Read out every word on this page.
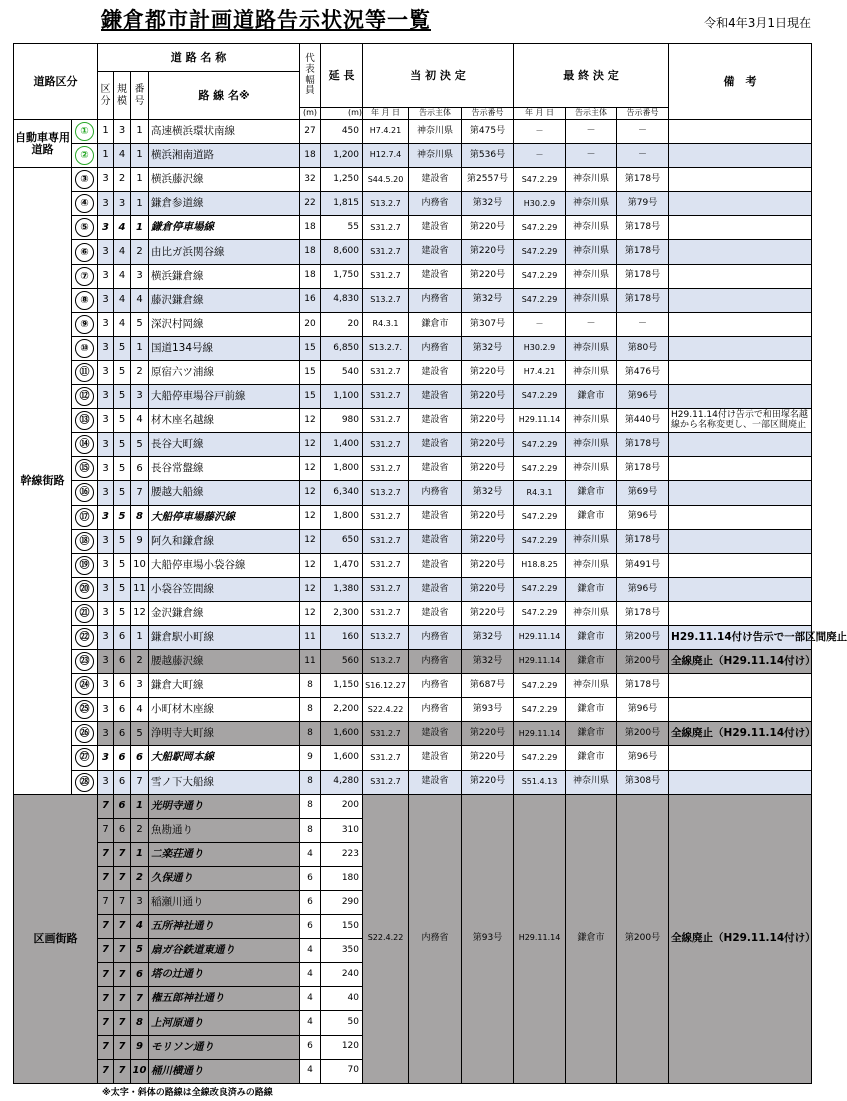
鎌倉都市計画道路告示状況等一覧	令和4年3月1日現在
道路区分		道 路 名 称				代表幅員	延 長	当 初 決 定			最 終 決 定			備　考
		区分	規模	番号	路 線 名※									
						(m)	(m)	年 月 日	告示主体	告示番号	年 月 日	告示主体	告示番号	
自動車専用道路	①	1	3	1	高速横浜環状南線	27	450	H7.4.21	神奈川県	第475号	－	－	－	
	②	1	4	1	横浜湘南道路	18	1,200	H12.7.4	神奈川県	第536号	－	－	－	
幹線街路	③	3	2	1	横浜藤沢線	32	1,250	S44.5.20	建設省	第2557号	S47.2.29	神奈川県	第178号	
	④	3	3	1	鎌倉参道線	22	1,815	S13.2.7	内務省	第32号	H30.2.9	神奈川県	第79号	
	⑤	3	4	1	鎌倉停車場線	18	55	S31.2.7	建設省	第220号	S47.2.29	神奈川県	第178号	
	⑥	3	4	2	由比ガ浜関谷線	18	8,600	S31.2.7	建設省	第220号	S47.2.29	神奈川県	第178号	
	⑦	3	4	3	横浜鎌倉線	18	1,750	S31.2.7	建設省	第220号	S47.2.29	神奈川県	第178号	
	⑧	3	4	4	藤沢鎌倉線	16	4,830	S13.2.7	内務省	第32号	S47.2.29	神奈川県	第178号	
	⑨	3	4	5	深沢村岡線	20	20	R4.3.1	鎌倉市	第307号	－	－	－	
	⑩	3	5	1	国道134号線	15	6,850	S13.2.7.	内務省	第32号	H30.2.9	神奈川県	第80号	
	⑪	3	5	2	原宿六ツ浦線	15	540	S31.2.7	建設省	第220号	H7.4.21	神奈川県	第476号	
	⑫	3	5	3	大船停車場谷戸前線	15	1,100	S31.2.7	建設省	第220号	S47.2.29	鎌倉市	第96号	
	⑬	3	5	4	材木座名越線	12	980	S31.2.7	建設省	第220号	H29.11.14	神奈川県	第440号	H29.11.14付け告示で和田塚名越線から名称変更し、一部区間廃止
	⑭	3	5	5	長谷大町線	12	1,400	S31.2.7	建設省	第220号	S47.2.29	神奈川県	第178号	
	⑮	3	5	6	長谷常盤線	12	1,800	S31.2.7	建設省	第220号	S47.2.29	神奈川県	第178号	
	⑯	3	5	7	腰越大船線	12	6,340	S13.2.7	内務省	第32号	R4.3.1	鎌倉市	第69号	
	⑰	3	5	8	大船停車場藤沢線	12	1,800	S31.2.7	建設省	第220号	S47.2.29	鎌倉市	第96号	
	⑱	3	5	9	阿久和鎌倉線	12	650	S31.2.7	建設省	第220号	S47.2.29	神奈川県	第178号	
	⑲	3	5	10	大船停車場小袋谷線	12	1,470	S31.2.7	建設省	第220号	H18.8.25	神奈川県	第491号	
	⑳	3	5	11	小袋谷笠間線	12	1,380	S31.2.7	建設省	第220号	S47.2.29	鎌倉市	第96号	
	㉑	3	5	12	金沢鎌倉線	12	2,300	S31.2.7	建設省	第220号	S47.2.29	神奈川県	第178号	
	㉒	3	6	1	鎌倉駅小町線	11	160	S13.2.7	内務省	第32号	H29.11.14	鎌倉市	第200号	H29.11.14付け告示で一部区間廃止
	㉓	3	6	2	腰越藤沢線	11	560	S13.2.7	内務省	第32号	H29.11.14	鎌倉市	第200号	全線廃止（H29.11.14付け）
	㉔	3	6	3	鎌倉大町線	8	1,150	S16.12.27	内務省	第687号	S47.2.29	神奈川県	第178号	
	㉕	3	6	4	小町材木座線	8	2,200	S22.4.22	内務省	第93号	S47.2.29	鎌倉市	第96号	
	㉖	3	6	5	浄明寺大町線	8	1,600	S31.2.7	建設省	第220号	H29.11.14	鎌倉市	第200号	全線廃止（H29.11.14付け）
	㉗	3	6	6	大船駅岡本線	9	1,600	S31.2.7	建設省	第220号	S47.2.29	鎌倉市	第96号	
	㉘	3	6	7	雪ノ下大船線	8	4,280	S31.2.7	建設省	第220号	S51.4.13	神奈川県	第308号	
区画街路		7	6	1	光明寺通り	8	200	S22.4.22	内務省	第93号	H29.11.14	鎌倉市	第200号	全線廃止（H29.11.14付け）
		7	6	2	魚勘通り	8	310							
		7	7	1	二楽荘通り	4	223							
		7	7	2	久保通り	6	180							
		7	7	3	稲瀬川通り	6	290							
		7	7	4	五所神社通り	6	150							
		7	7	5	扇ガ谷鉄道東通り	4	350							
		7	7	6	塔の辻通り	4	240							
		7	7	7	権五郎神社通り	4	40							
		7	7	8	上河原通り	4	50							
		7	7	9	モリソン通り	6	120							
		7	7	10	桶川横通り	4	70							
※太字・斜体の路線は全線改良済みの路線
